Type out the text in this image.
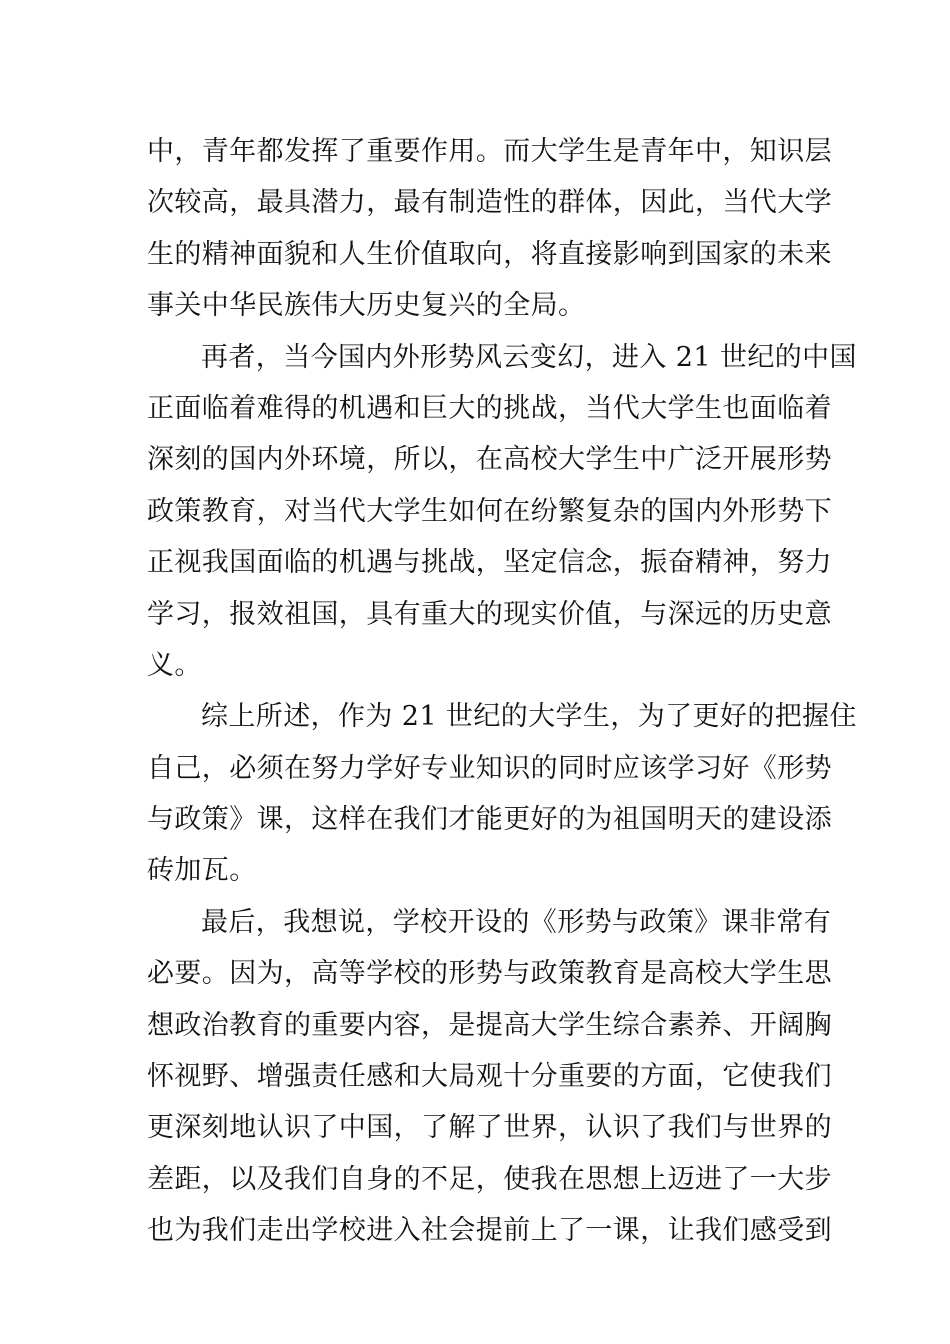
中，青年都发挥了重要作用。而大学生是青年中，知识层
次较高，最具潜力，最有制造性的群体，因此，当代大学
生的精神面貌和人生价值取向，将直接影响到国家的未来
事关中华民族伟大历史复兴的全局。
再者，当今国内外形势风云变幻，进入 21 世纪的中国
正面临着难得的机遇和巨大的挑战，当代大学生也面临着
深刻的国内外环境，所以，在高校大学生中广泛开展形势
政策教育，对当代大学生如何在纷繁复杂的国内外形势下
正视我国面临的机遇与挑战，坚定信念，振奋精神，努力
学习，报效祖国，具有重大的现实价值，与深远的历史意
义。
综上所述，作为 21 世纪的大学生，为了更好的把握住
自己，必须在努力学好专业知识的同时应该学习好《形势
与政策》课，这样在我们才能更好的为祖国明天的建设添
砖加瓦。
最后，我想说，学校开设的《形势与政策》课非常有
必要。因为，高等学校的形势与政策教育是高校大学生思
想政治教育的重要内容，是提高大学生综合素养、开阔胸
怀视野、增强责任感和大局观十分重要的方面，它使我们
更深刻地认识了中国，了解了世界，认识了我们与世界的
差距，以及我们自身的不足，使我在思想上迈进了一大步
也为我们走出学校进入社会提前上了一课，让我们感受到
